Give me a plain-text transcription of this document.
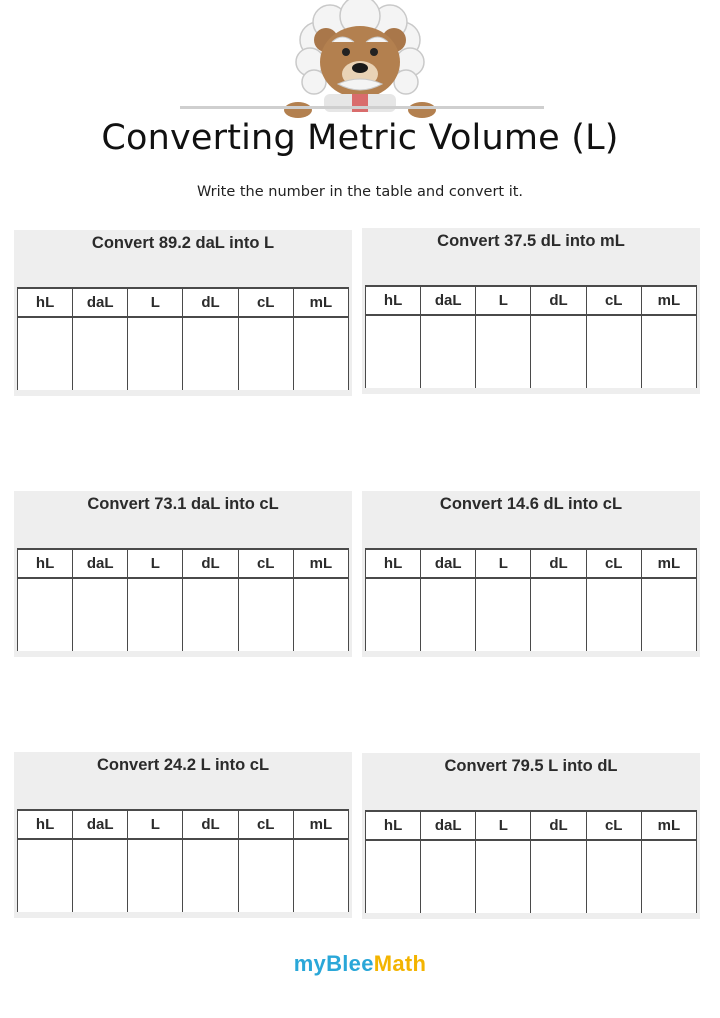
Converting Metric Volume (L)
Write the number in the table and convert it.
Convert 89.2 daL into L
hL	daL	L	dL	cL	mL

Convert 37.5 dL into mL
hL	daL	L	dL	cL	mL

Convert 73.1 daL into cL
hL	daL	L	dL	cL	mL

Convert 14.6 dL into cL
hL	daL	L	dL	cL	mL

Convert 24.2 L into cL
hL	daL	L	dL	cL	mL

Convert 79.5 L into dL
hL	daL	L	dL	cL	mL

myBleeMath
